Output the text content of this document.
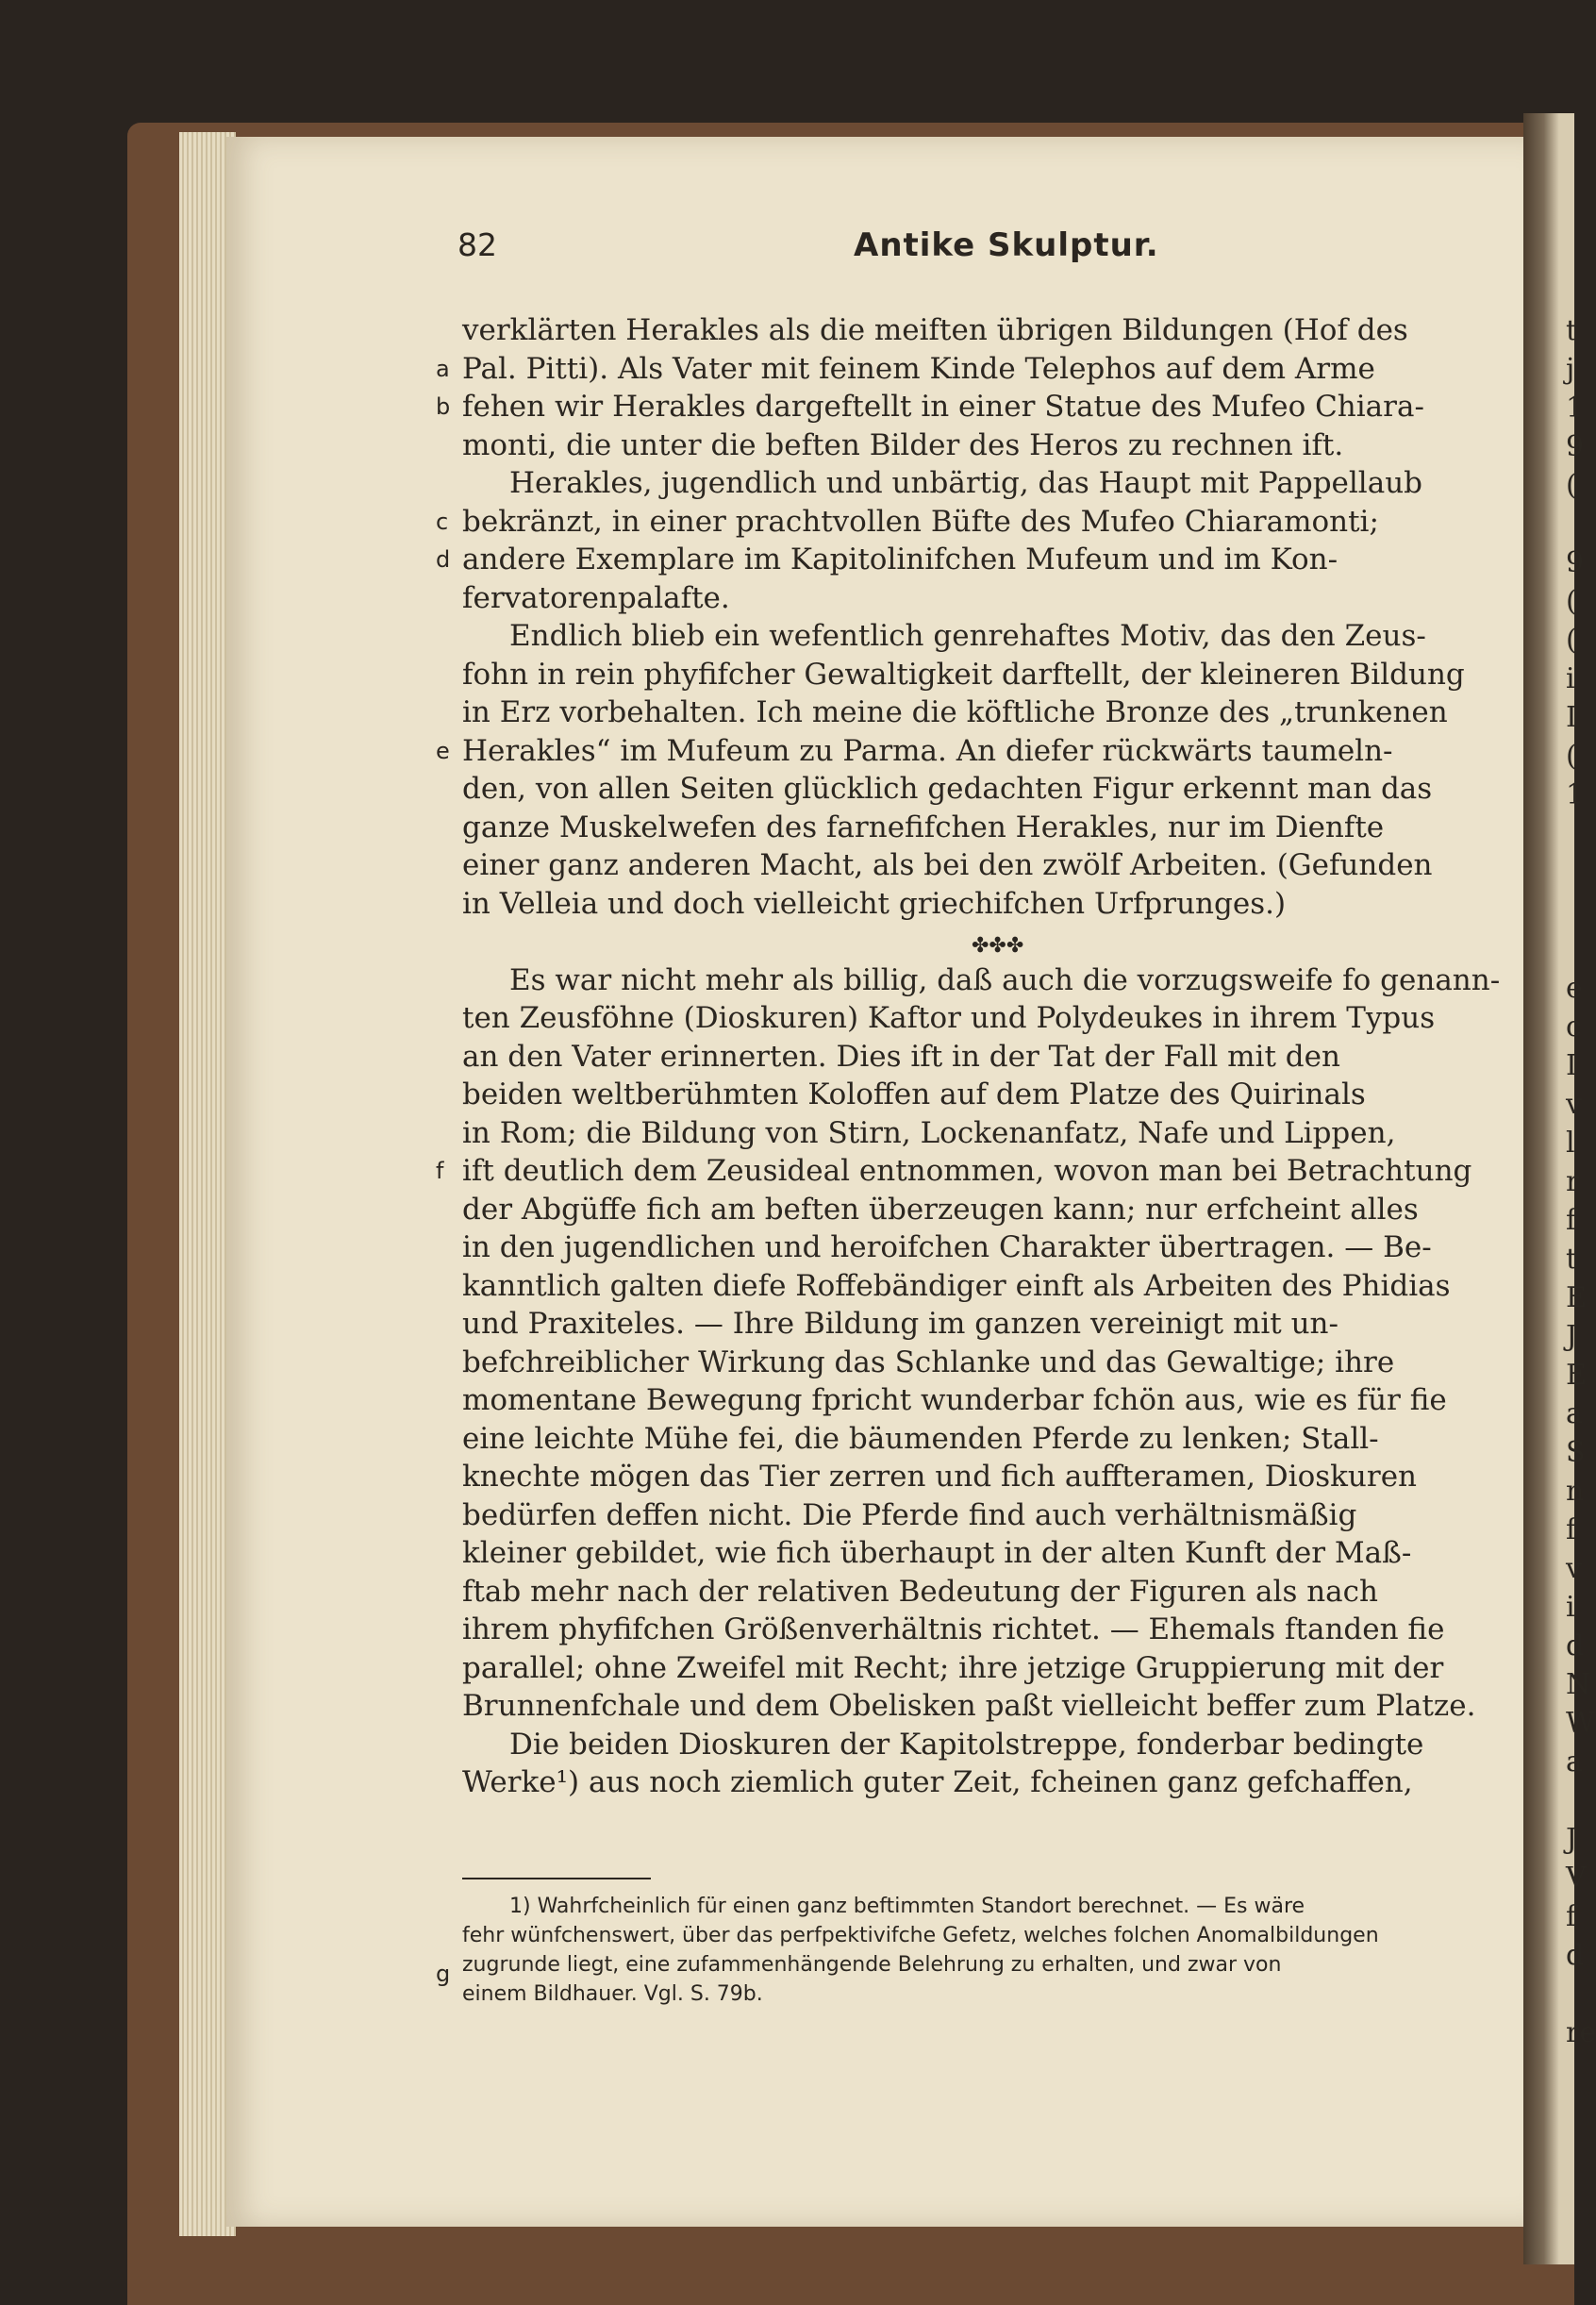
t
j
1
9
(
9
(
(
i
I
(
1
e
c
I
v
l
r
f
t
E
J
E
a
S
n
f
v
i
d
N
W
a
J
V
f
d
re
82	Antike Skulptur.
a
b
c
d
e
f
g
verklärten Herakles als die meiften übrigen Bildungen (Hof des
Pal. Pitti). Als Vater mit feinem Kinde Telephos auf dem Arme
fehen wir Herakles dargeftellt in einer Statue des Mufeo Chiara-
monti, die unter die beften Bilder des Heros zu rechnen ift.
Herakles, jugendlich und unbärtig, das Haupt mit Pappellaub
bekränzt, in einer prachtvollen Büfte des Mufeo Chiaramonti;
andere Exemplare im Kapitolinifchen Mufeum und im Kon-
fervatorenpalafte.
Endlich blieb ein wefentlich genrehaftes Motiv, das den Zeus-
fohn in rein phyfifcher Gewaltigkeit darftellt, der kleineren Bildung
in Erz vorbehalten. Ich meine die köftliche Bronze des „trunkenen
Herakles“ im Mufeum zu Parma. An diefer rückwärts taumeln-
den, von allen Seiten glücklich gedachten Figur erkennt man das
ganze Muskelwefen des farnefifchen Herakles, nur im Dienfte
einer ganz anderen Macht, als bei den zwölf Arbeiten. (Gefunden
in Velleia und doch vielleicht griechifchen Urfprunges.)

Es war nicht mehr als billig, daß auch die vorzugsweife fo genann-
ten Zeusföhne (Dioskuren) Kaftor und Polydeukes in ihrem Typus
an den Vater erinnerten. Dies ift in der Tat der Fall mit den
beiden weltberühmten Koloffen auf dem Platze des Quirinals
in Rom; die Bildung von Stirn, Lockenanfatz, Nafe und Lippen,
ift deutlich dem Zeusideal entnommen, wovon man bei Betrachtung
der Abgüffe fich am beften überzeugen kann; nur erfcheint alles
in den jugendlichen und heroifchen Charakter übertragen. — Be-
kanntlich galten diefe Roffebändiger einft als Arbeiten des Phidias
und Praxiteles. — Ihre Bildung im ganzen vereinigt mit un-
befchreiblicher Wirkung das Schlanke und das Gewaltige; ihre
momentane Bewegung fpricht wunderbar fchön aus, wie es für fie
eine leichte Mühe fei, die bäumenden Pferde zu lenken; Stall-
knechte mögen das Tier zerren und fich auffteramen, Dioskuren
bedürfen deffen nicht. Die Pferde find auch verhältnismäßig
kleiner gebildet, wie fich überhaupt in der alten Kunft der Maß-
ftab mehr nach der relativen Bedeutung der Figuren als nach
ihrem phyfifchen Größenverhältnis richtet. — Ehemals ftanden fie
parallel; ohne Zweifel mit Recht; ihre jetzige Gruppierung mit der
Brunnenfchale und dem Obelisken paßt vielleicht beffer zum Platze.
Die beiden Dioskuren der Kapitolstreppe, fonderbar bedingte
Werke¹) aus noch ziemlich guter Zeit, fcheinen ganz gefchaffen,
✤✤✤
1) Wahrfcheinlich für einen ganz beftimmten Standort berechnet. — Es wäre
fehr wünfchenswert, über das perfpektivifche Gefetz, welches folchen Anomalbildungen
zugrunde liegt, eine zufammenhängende Belehrung zu erhalten, und zwar von
einem Bildhauer. Vgl. S. 79b.
